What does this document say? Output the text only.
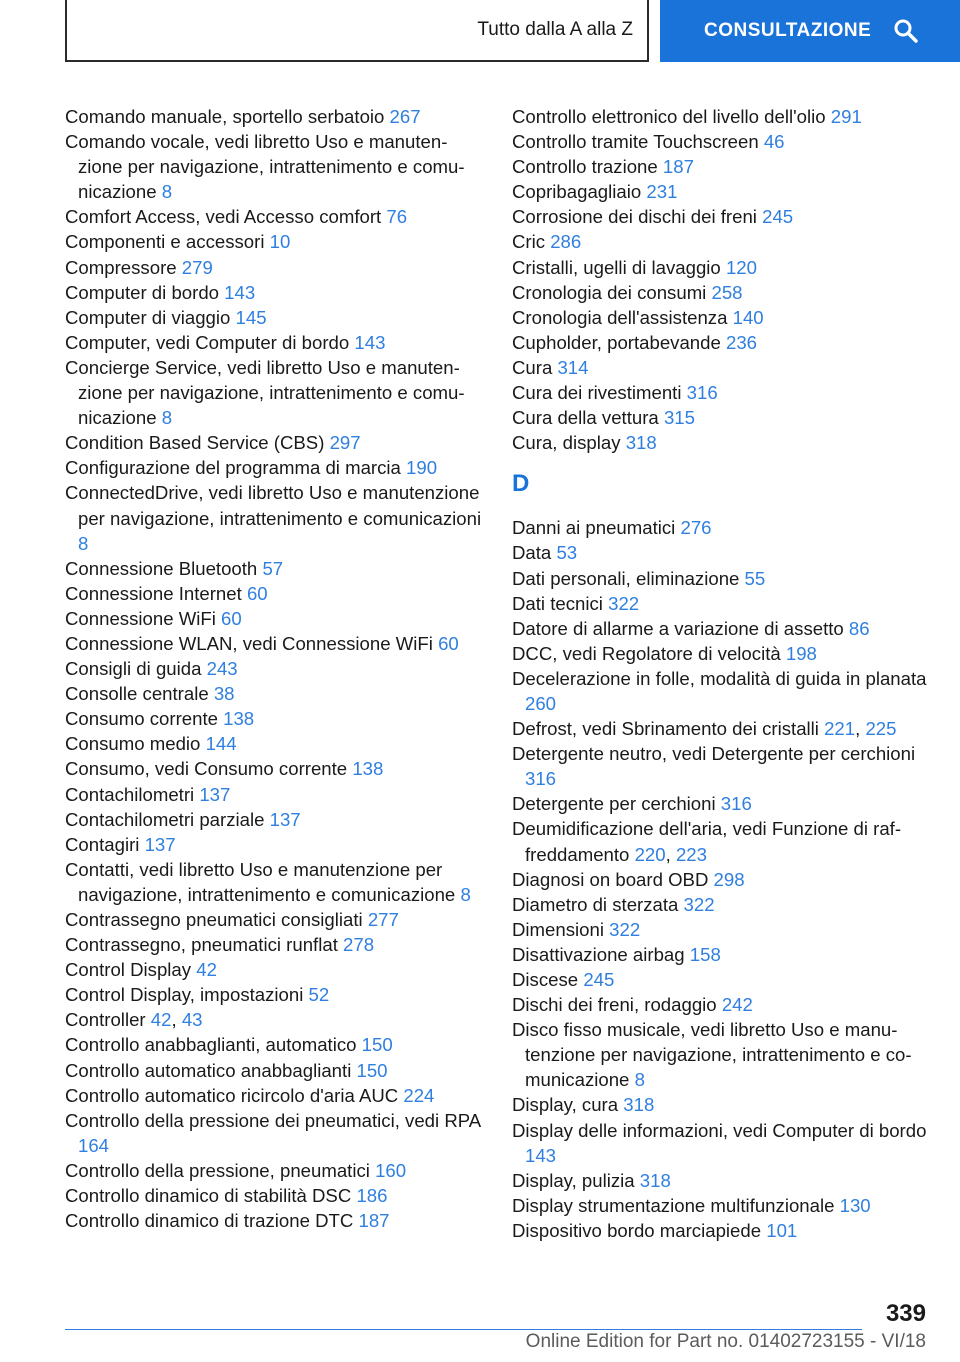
Tutto dalla A alla Z	CONSULTAZIONE
Comando manuale, sportello serbatoio 267
Comando vocale, vedi libretto Uso e manutenzione per navigazione, intrattenimento e comunicazione 8
Comfort Access, vedi Accesso comfort 76
Componenti e accessori 10
Compressore 279
Computer di bordo 143
Computer di viaggio 145
Computer, vedi Computer di bordo 143
Concierge Service, vedi libretto Uso e manutenzione per navigazione, intrattenimento e comunicazione 8
Condition Based Service (CBS) 297
Configurazione del programma di marcia 190
ConnectedDrive, vedi libretto Uso e manutenzione per navigazione, intrattenimento e comunicazioni 8
Connessione Bluetooth 57
Connessione Internet 60
Connessione WiFi 60
Connessione WLAN, vedi Connessione WiFi 60
Consigli di guida 243
Consolle centrale 38
Consumo corrente 138
Consumo medio 144
Consumo, vedi Consumo corrente 138
Contachilometri 137
Contachilometri parziale 137
Contagiri 137
Contatti, vedi libretto Uso e manutenzione per navigazione, intrattenimento e comunicazione 8
Contrassegno pneumatici consigliati 277
Contrassegno, pneumatici runflat 278
Control Display 42
Control Display, impostazioni 52
Controller 42, 43
Controllo anabbaglianti, automatico 150
Controllo automatico anabbaglianti 150
Controllo automatico ricircolo d'aria AUC 224
Controllo della pressione dei pneumatici, vedi RPA 164
Controllo della pressione, pneumatici 160
Controllo dinamico di stabilità DSC 186
Controllo dinamico di trazione DTC 187
Controllo elettronico del livello dell'olio 291
Controllo tramite Touchscreen 46
Controllo trazione 187
Copribagagliaio 231
Corrosione dei dischi dei freni 245
Cric 286
Cristalli, ugelli di lavaggio 120
Cronologia dei consumi 258
Cronologia dell'assistenza 140
Cupholder, portabevande 236
Cura 314
Cura dei rivestimenti 316
Cura della vettura 315
Cura, display 318
D
Danni ai pneumatici 276
Data 53
Dati personali, eliminazione 55
Dati tecnici 322
Datore di allarme a variazione di assetto 86
DCC, vedi Regolatore di velocità 198
Decelerazione in folle, modalità di guida in planata 260
Defrost, vedi Sbrinamento dei cristalli 221, 225
Detergente neutro, vedi Detergente per cerchioni 316
Detergente per cerchioni 316
Deumidificazione dell'aria, vedi Funzione di raffreddamento 220, 223
Diagnosi on board OBD 298
Diametro di sterzata 322
Dimensioni 322
Disattivazione airbag 158
Discese 245
Dischi dei freni, rodaggio 242
Disco fisso musicale, vedi libretto Uso e manutenzione per navigazione, intrattenimento e comunicazione 8
Display, cura 318
Display delle informazioni, vedi Computer di bordo 143
Display, pulizia 318
Display strumentazione multifunzionale 130
Dispositivo bordo marciapiede 101
339
Online Edition for Part no. 01402723155 - VI/18
